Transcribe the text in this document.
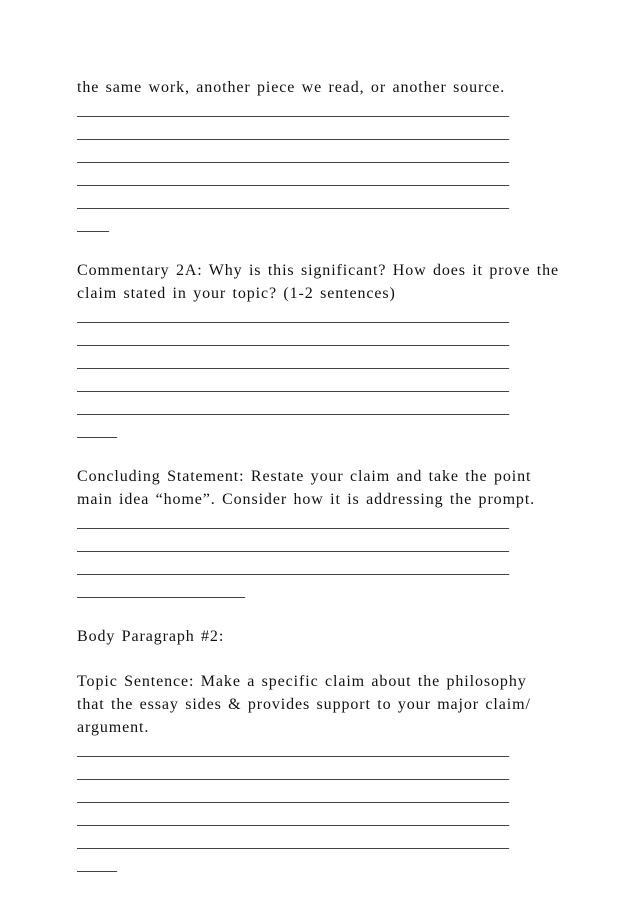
the same work, another piece we read, or another source.
______________________________________________________
______________________________________________________
______________________________________________________
______________________________________________________
______________________________________________________
____
Commentary 2A: Why is this significant? How does it prove the
claim stated in your topic? (1-2 sentences)
______________________________________________________
______________________________________________________
______________________________________________________
______________________________________________________
______________________________________________________
_____
Concluding Statement: Restate your claim and take the point
main idea “home”. Consider how it is addressing the prompt.
______________________________________________________
______________________________________________________
______________________________________________________
_____________________
Body Paragraph #2:
Topic Sentence: Make a specific claim about the philosophy
that the essay sides & provides support to your major claim/
argument.
______________________________________________________
______________________________________________________
______________________________________________________
______________________________________________________
______________________________________________________
_____
